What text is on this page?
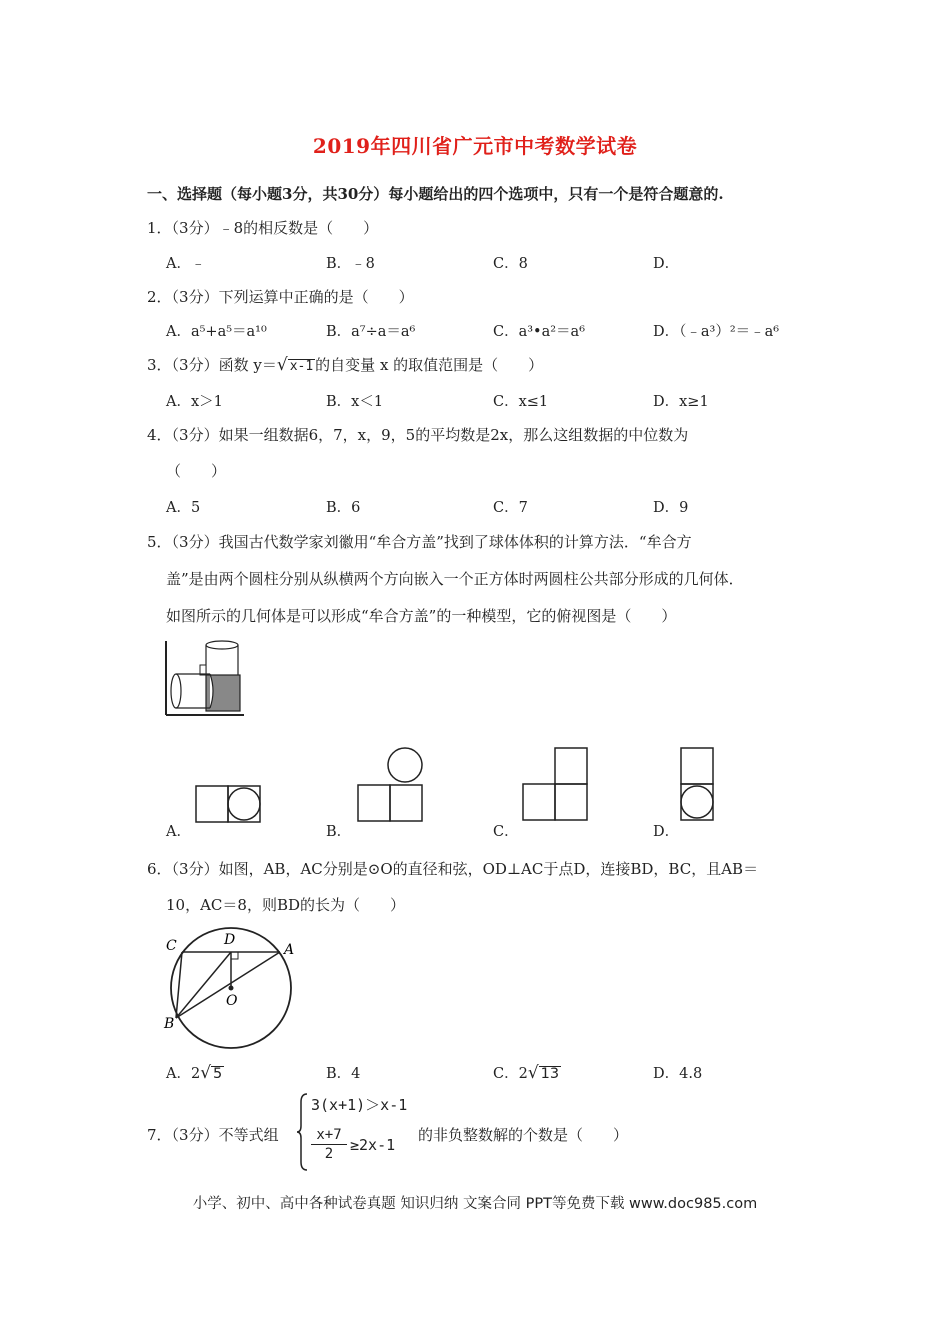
2019年四川省广元市中考数学试卷
一、选择题（每小题3分，共30分）每小题给出的四个选项中，只有一个是符合题意的.
1．（3分）﹣8的相反数是（　　）
A．﹣	B．﹣8	C．8	D．
2．（3分）下列运算中正确的是（　　）
A．a⁵+a⁵＝a¹⁰	B．a⁷÷a＝a⁶	C．a³•a²＝a⁶	D．（﹣a³）²＝﹣a⁶
3．（3分）函数 y＝√ x-1 的自变量 x 的取值范围是（　　）
A．x＞1	B．x＜1	C．x≤1	D．x≥1
4．（3分）如果一组数据6，7，x，9，5的平均数是2x，那么这组数据的中位数为
（　　）
A．5	B．6	C．7	D．9
5．（3分）我国古代数学家刘徽用“牟合方盖”找到了球体体积的计算方法．“牟合方
盖”是由两个圆柱分别从纵横两个方向嵌入一个正方体时两圆柱公共部分形成的几何体．
如图所示的几何体是可以形成“牟合方盖”的一种模型，它的俯视图是（　　）
A．	B．	C．	D．
6．（3分）如图，AB，AC分别是⊙O的直径和弦，OD⊥AC于点D，连接BD，BC，且AB＝
10，AC＝8，则BD的长为（　　）
C	D
A
O
B
A．2√ 5	B．4	C．2√ 13	D．4.8
7．（3分）不等式组
3(x+1)＞x-1
$\frac{x+7}{2} \ge 2x-1$
的非负整数解的个数是（　　）
小学、初中、高中各种试卷真题 知识归纳 文案合同 PPT等免费下载 www.doc985.com
